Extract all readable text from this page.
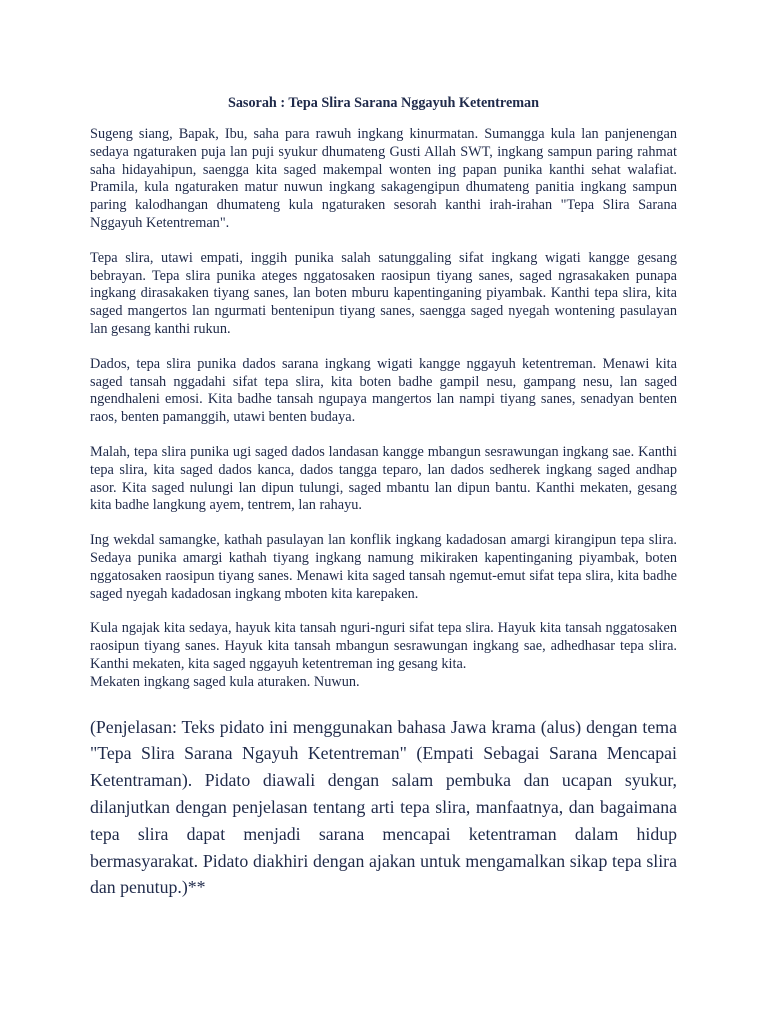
Sasorah : Tepa Slira Sarana Nggayuh Ketentreman

Sugeng siang, Bapak, Ibu, saha para rawuh ingkang kinurmatan. Sumangga kula lan panjenengan sedaya ngaturaken puja lan puji syukur dhumateng Gusti Allah SWT, ingkang sampun paring rahmat saha hidayahipun, saengga kita saged makempal wonten ing papan punika kanthi sehat walafiat. Pramila, kula ngaturaken matur nuwun ingkang sakagengipun dhumateng panitia ingkang sampun paring kalodhangan dhumateng kula ngaturaken sesorah kanthi irah-irahan "Tepa Slira Sarana Nggayuh Ketentreman".

Tepa slira, utawi empati, inggih punika salah satunggaling sifat ingkang wigati kangge gesang bebrayan. Tepa slira punika ateges nggatosaken raosipun tiyang sanes, saged ngrasakaken punapa ingkang dirasakaken tiyang sanes, lan boten mburu kapentinganing piyambak. Kanthi tepa slira, kita saged mangertos lan ngurmati bentenipun tiyang sanes, saengga saged nyegah wontening pasulayan lan gesang kanthi rukun.

Dados, tepa slira punika dados sarana ingkang wigati kangge nggayuh ketentreman. Menawi kita saged tansah nggadahi sifat tepa slira, kita boten badhe gampil nesu, gampang nesu, lan saged ngendhaleni emosi. Kita badhe tansah ngupaya mangertos lan nampi tiyang sanes, senadyan benten raos, benten pamanggih, utawi benten budaya.

Malah, tepa slira punika ugi saged dados landasan kangge mbangun sesrawungan ingkang sae. Kanthi tepa slira, kita saged dados kanca, dados tangga teparo, lan dados sedherek ingkang saged andhap asor. Kita saged nulungi lan dipun tulungi, saged mbantu lan dipun bantu. Kanthi mekaten, gesang kita badhe langkung ayem, tentrem, lan rahayu.

Ing wekdal samangke, kathah pasulayan lan konflik ingkang kadadosan amargi kirangipun tepa slira. Sedaya punika amargi kathah tiyang ingkang namung mikiraken kapentinganing piyambak, boten nggatosaken raosipun tiyang sanes. Menawi kita saged tansah ngemut-emut sifat tepa slira, kita badhe saged nyegah kadadosan ingkang mboten kita karepaken.

Kula ngajak kita sedaya, hayuk kita tansah nguri-nguri sifat tepa slira. Hayuk kita tansah nggatosaken raosipun tiyang sanes. Hayuk kita tansah mbangun sesrawungan ingkang sae, adhedhasar tepa slira. Kanthi mekaten, kita saged nggayuh ketentreman ing gesang kita.
Mekaten ingkang saged kula aturaken. Nuwun.

(Penjelasan: Teks pidato ini menggunakan bahasa Jawa krama (alus) dengan tema "Tepa Slira Sarana Ngayuh Ketentreman" (Empati Sebagai Sarana Mencapai Ketentraman). Pidato diawali dengan salam pembuka dan ucapan syukur, dilanjutkan dengan penjelasan tentang arti tepa slira, manfaatnya, dan bagaimana tepa slira dapat menjadi sarana mencapai ketentraman dalam hidup bermasyarakat. Pidato diakhiri dengan ajakan untuk mengamalkan sikap tepa slira dan penutup.)**
